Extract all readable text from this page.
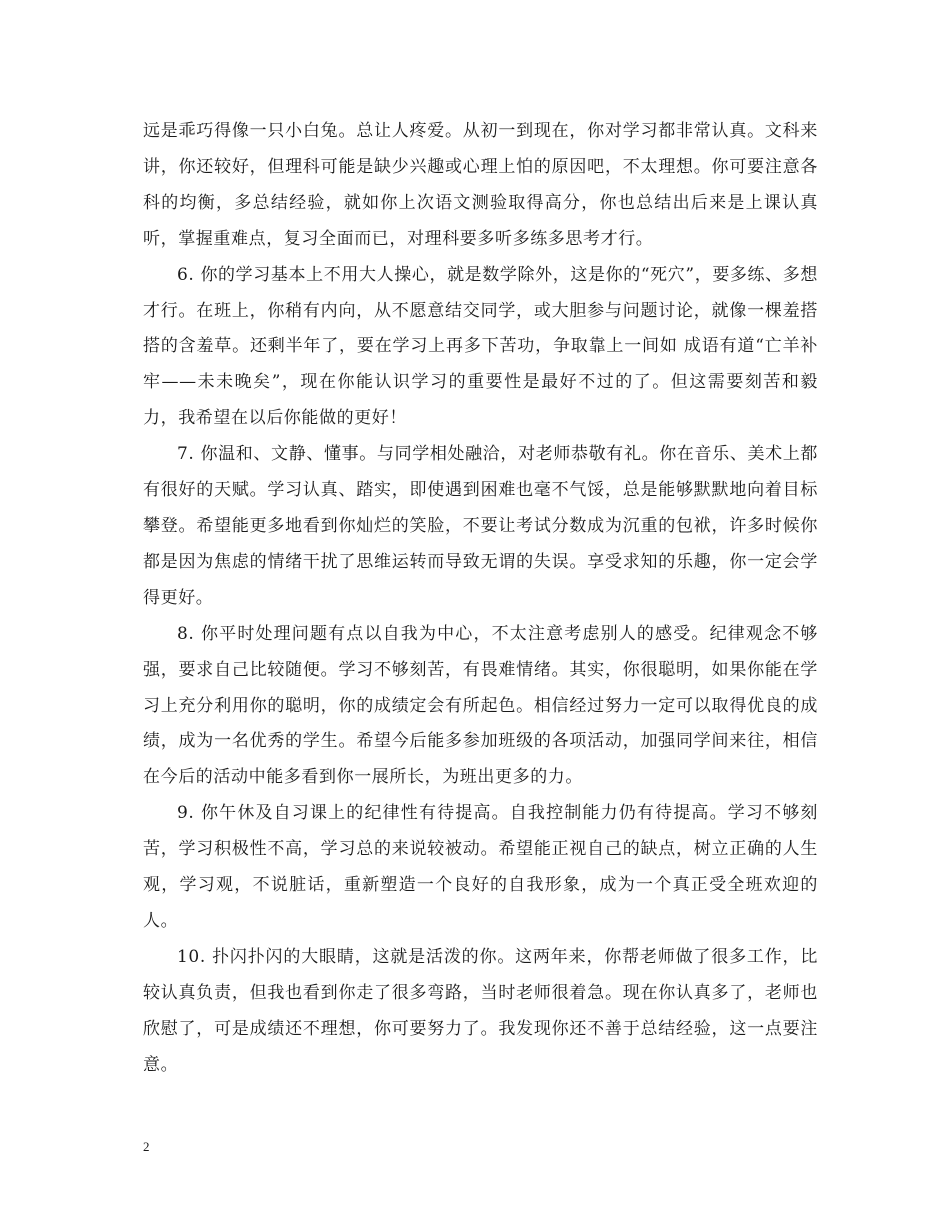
远是乖巧得像一只小白兔。总让人疼爱。从初一到现在，你对学习都非常认真。文科来讲，你还较好，但理科可能是缺少兴趣或心理上怕的原因吧，不太理想。你可要注意各科的均衡，多总结经验，就如你上次语文测验取得高分，你也总结出后来是上课认真听，掌握重难点，复习全面而已，对理科要多听多练多思考才行。

6. 你的学习基本上不用大人操心，就是数学除外，这是你的“死穴”，要多练、多想才行。在班上，你稍有内向，从不愿意结交同学，或大胆参与问题讨论，就像一棵羞搭搭的含羞草。还剩半年了，要在学习上再多下苦功，争取靠上一间如 成语有道“亡羊补牢——未未晚矣”，现在你能认识学习的重要性是最好不过的了。但这需要刻苦和毅力，我希望在以后你能做的更好！

7. 你温和、文静、懂事。与同学相处融洽，对老师恭敬有礼。你在音乐、美术上都有很好的天赋。学习认真、踏实，即使遇到困难也毫不气馁，总是能够默默地向着目标攀登。希望能更多地看到你灿烂的笑脸，不要让考试分数成为沉重的包袱，许多时候你都是因为焦虑的情绪干扰了思维运转而导致无谓的失误。享受求知的乐趣，你一定会学得更好。

8. 你平时处理问题有点以自我为中心，不太注意考虑别人的感受。纪律观念不够强，要求自己比较随便。学习不够刻苦，有畏难情绪。其实，你很聪明，如果你能在学习上充分利用你的聪明，你的成绩定会有所起色。相信经过努力一定可以取得优良的成绩，成为一名优秀的学生。希望今后能多参加班级的各项活动，加强同学间来往，相信在今后的活动中能多看到你一展所长，为班出更多的力。

9. 你午休及自习课上的纪律性有待提高。自我控制能力仍有待提高。学习不够刻苦，学习积极性不高，学习总的来说较被动。希望能正视自己的缺点，树立正确的人生观，学习观，不说脏话，重新塑造一个良好的自我形象，成为一个真正受全班欢迎的人。

10. 扑闪扑闪的大眼睛，这就是活泼的你。这两年来，你帮老师做了很多工作，比较认真负责，但我也看到你走了很多弯路，当时老师很着急。现在你认真多了，老师也欣慰了，可是成绩还不理想，你可要努力了。我发现你还不善于总结经验，这一点要注意。

2
